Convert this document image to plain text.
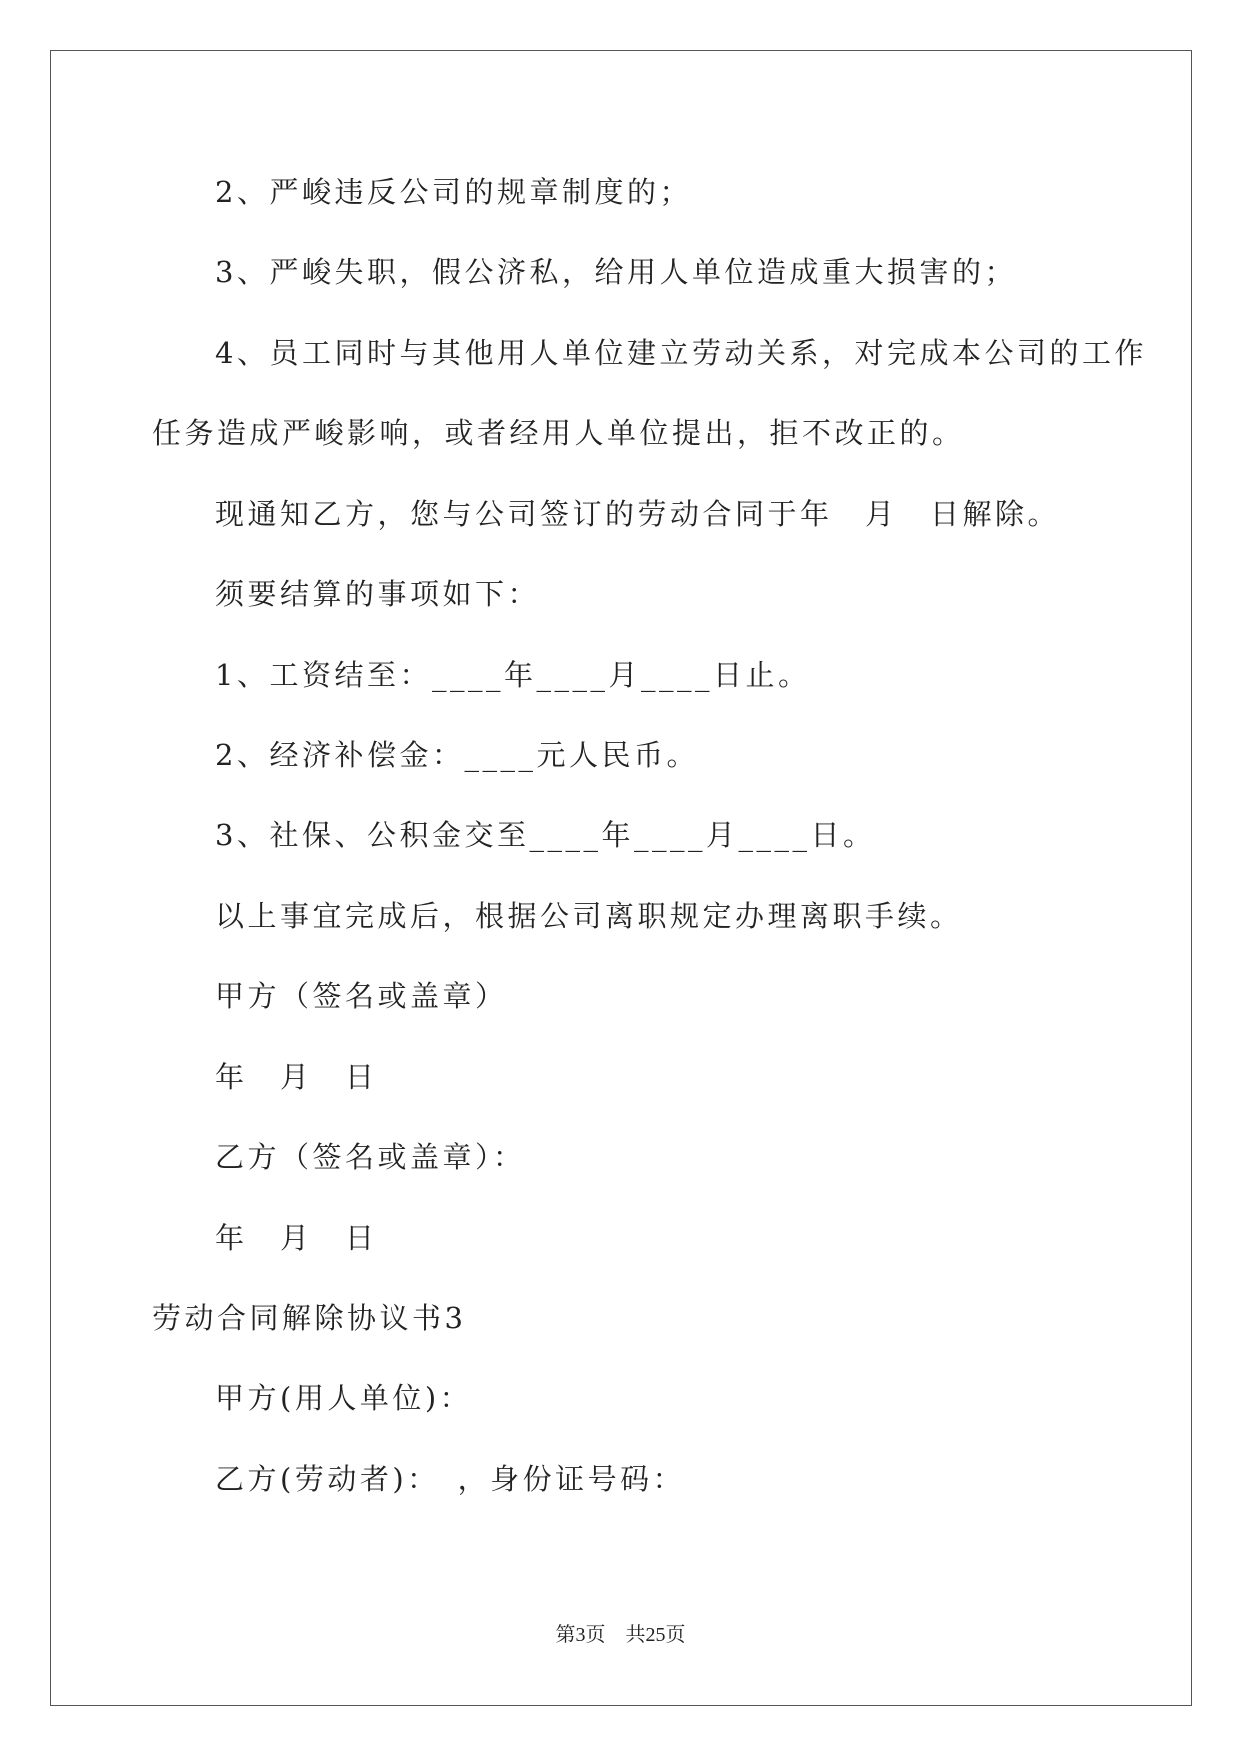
2、严峻违反公司的规章制度的；
3、严峻失职，假公济私，给用人单位造成重大损害的；
4、员工同时与其他用人单位建立劳动关系，对完成本公司的工作
任务造成严峻影响，或者经用人单位提出，拒不改正的。
现通知乙方，您与公司签订的劳动合同于年　月　日解除。
须要结算的事项如下：
1、工资结至：____年____月____日止。
2、经济补偿金：____元人民币。
3、社保、公积金交至____年____月____日。
以上事宜完成后，根据公司离职规定办理离职手续。
甲方（签名或盖章）
年　月　日
乙方（签名或盖章）：
年　月　日
劳动合同解除协议书3
甲方(用人单位)：
乙方(劳动者)：　，身份证号码：
第3页　共25页
